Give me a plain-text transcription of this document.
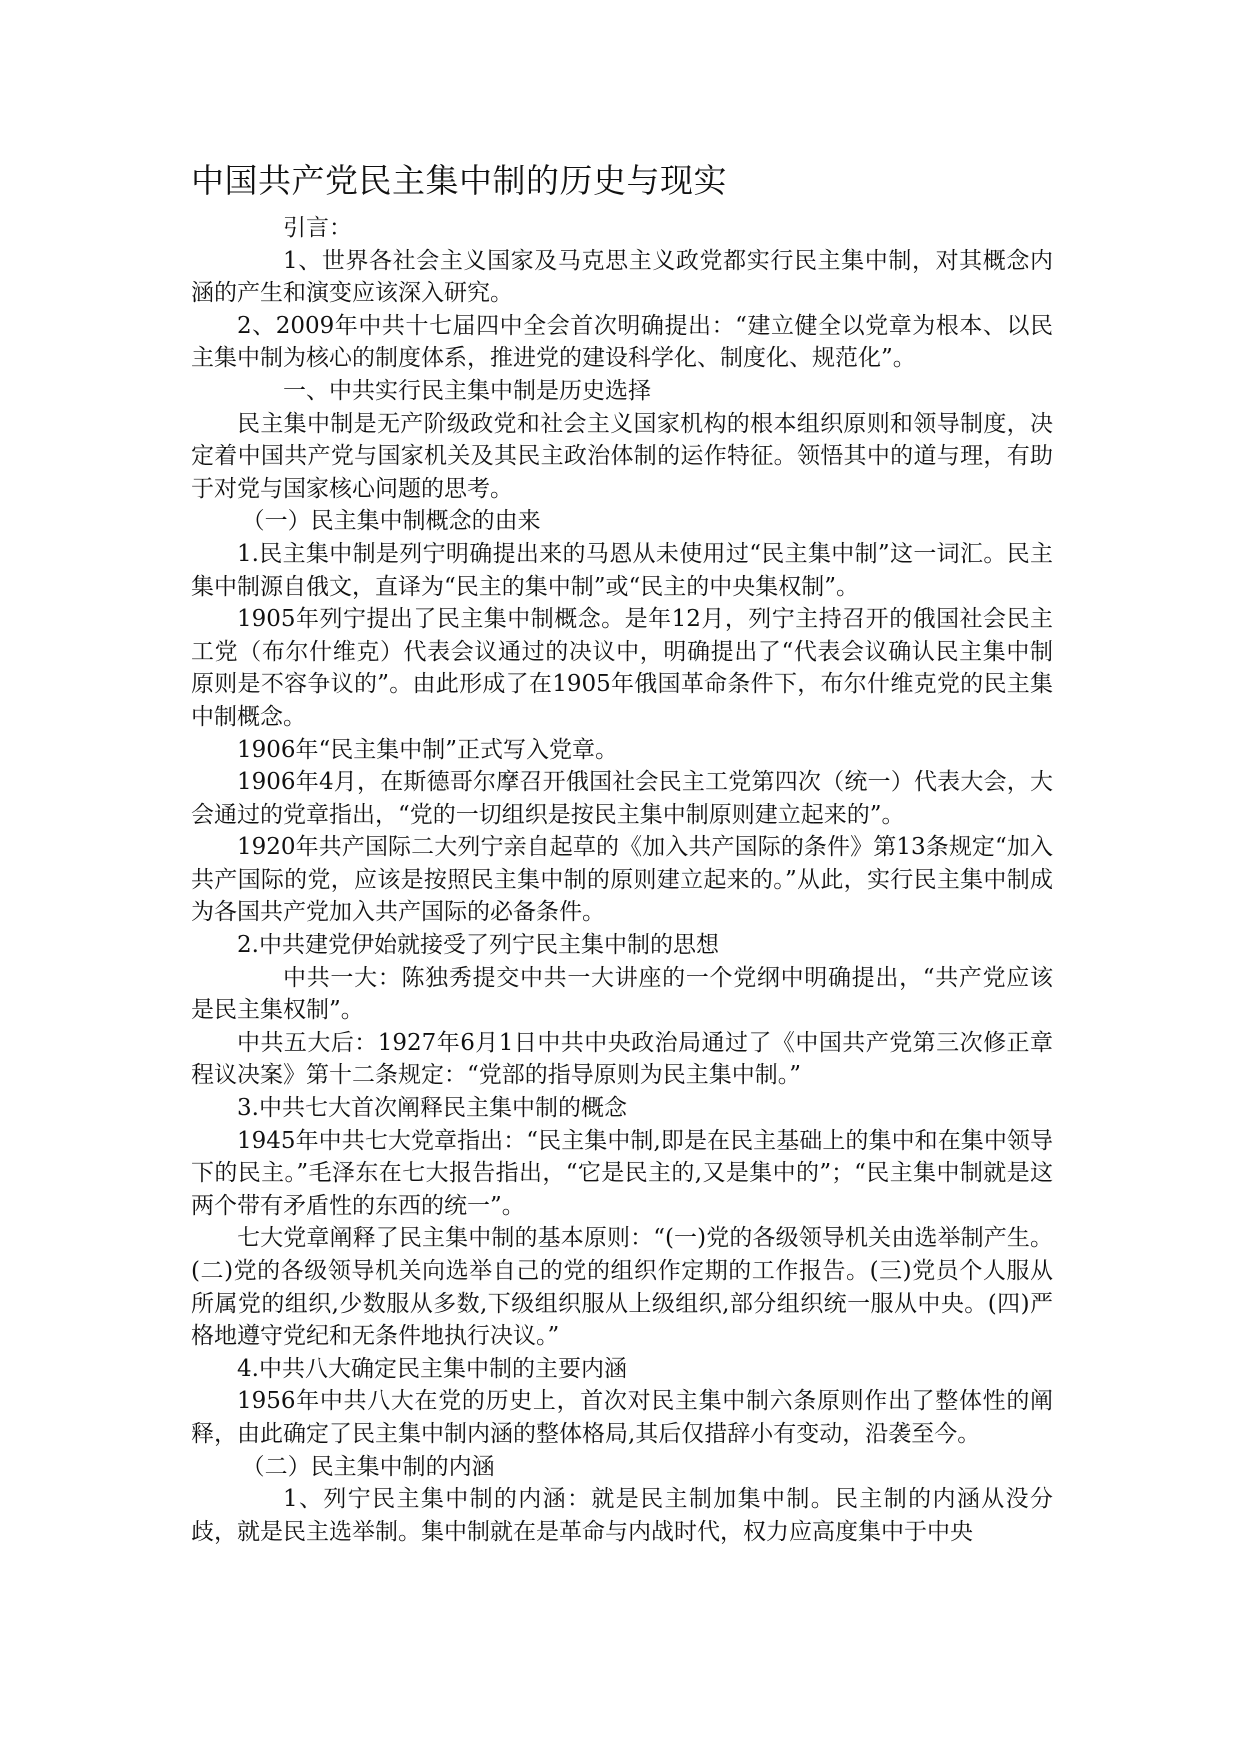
中国共产党民主集中制的历史与现实

引言：

1、世界各社会主义国家及马克思主义政党都实行民主集中制，对其概念内涵的产生和演变应该深入研究。

2、2009年中共十七届四中全会首次明确提出：“建立健全以党章为根本、以民主集中制为核心的制度体系，推进党的建设科学化、制度化、规范化”。

一、中共实行民主集中制是历史选择

民主集中制是无产阶级政党和社会主义国家机构的根本组织原则和领导制度，决定着中国共产党与国家机关及其民主政治体制的运作特征。领悟其中的道与理，有助于对党与国家核心问题的思考。

（一）民主集中制概念的由来

1.民主集中制是列宁明确提出来的马恩从未使用过“民主集中制”这一词汇。民主集中制源自俄文，直译为“民主的集中制”或“民主的中央集权制”。

1905年列宁提出了民主集中制概念。是年12月，列宁主持召开的俄国社会民主工党（布尔什维克）代表会议通过的决议中，明确提出了“代表会议确认民主集中制原则是不容争议的”。由此形成了在1905年俄国革命条件下，布尔什维克党的民主集中制概念。

1906年“民主集中制”正式写入党章。

1906年4月，在斯德哥尔摩召开俄国社会民主工党第四次（统一）代表大会，大会通过的党章指出，“党的一切组织是按民主集中制原则建立起来的”。

1920年共产国际二大列宁亲自起草的《加入共产国际的条件》第13条规定“加入共产国际的党，应该是按照民主集中制的原则建立起来的。”从此，实行民主集中制成为各国共产党加入共产国际的必备条件。

2.中共建党伊始就接受了列宁民主集中制的思想

中共一大：陈独秀提交中共一大讲座的一个党纲中明确提出，“共产党应该是民主集权制”。

中共五大后：1927年6月1日中共中央政治局通过了《中国共产党第三次修正章程议决案》第十二条规定：“党部的指导原则为民主集中制。”

3.中共七大首次阐释民主集中制的概念

1945年中共七大党章指出：“民主集中制,即是在民主基础上的集中和在集中领导下的民主。”毛泽东在七大报告指出，“它是民主的,又是集中的”；“民主集中制就是这两个带有矛盾性的东西的统一”。

七大党章阐释了民主集中制的基本原则：“(一)党的各级领导机关由选举制产生。(二)党的各级领导机关向选举自己的党的组织作定期的工作报告。(三)党员个人服从所属党的组织,少数服从多数,下级组织服从上级组织,部分组织统一服从中央。(四)严格地遵守党纪和无条件地执行决议。”

4.中共八大确定民主集中制的主要内涵

1956年中共八大在党的历史上，首次对民主集中制六条原则作出了整体性的阐释，由此确定了民主集中制内涵的整体格局,其后仅措辞小有变动，沿袭至今。

（二）民主集中制的内涵

1、列宁民主集中制的内涵：就是民主制加集中制。民主制的内涵从没分歧，就是民主选举制。集中制就在是革命与内战时代，权力应高度集中于中央
